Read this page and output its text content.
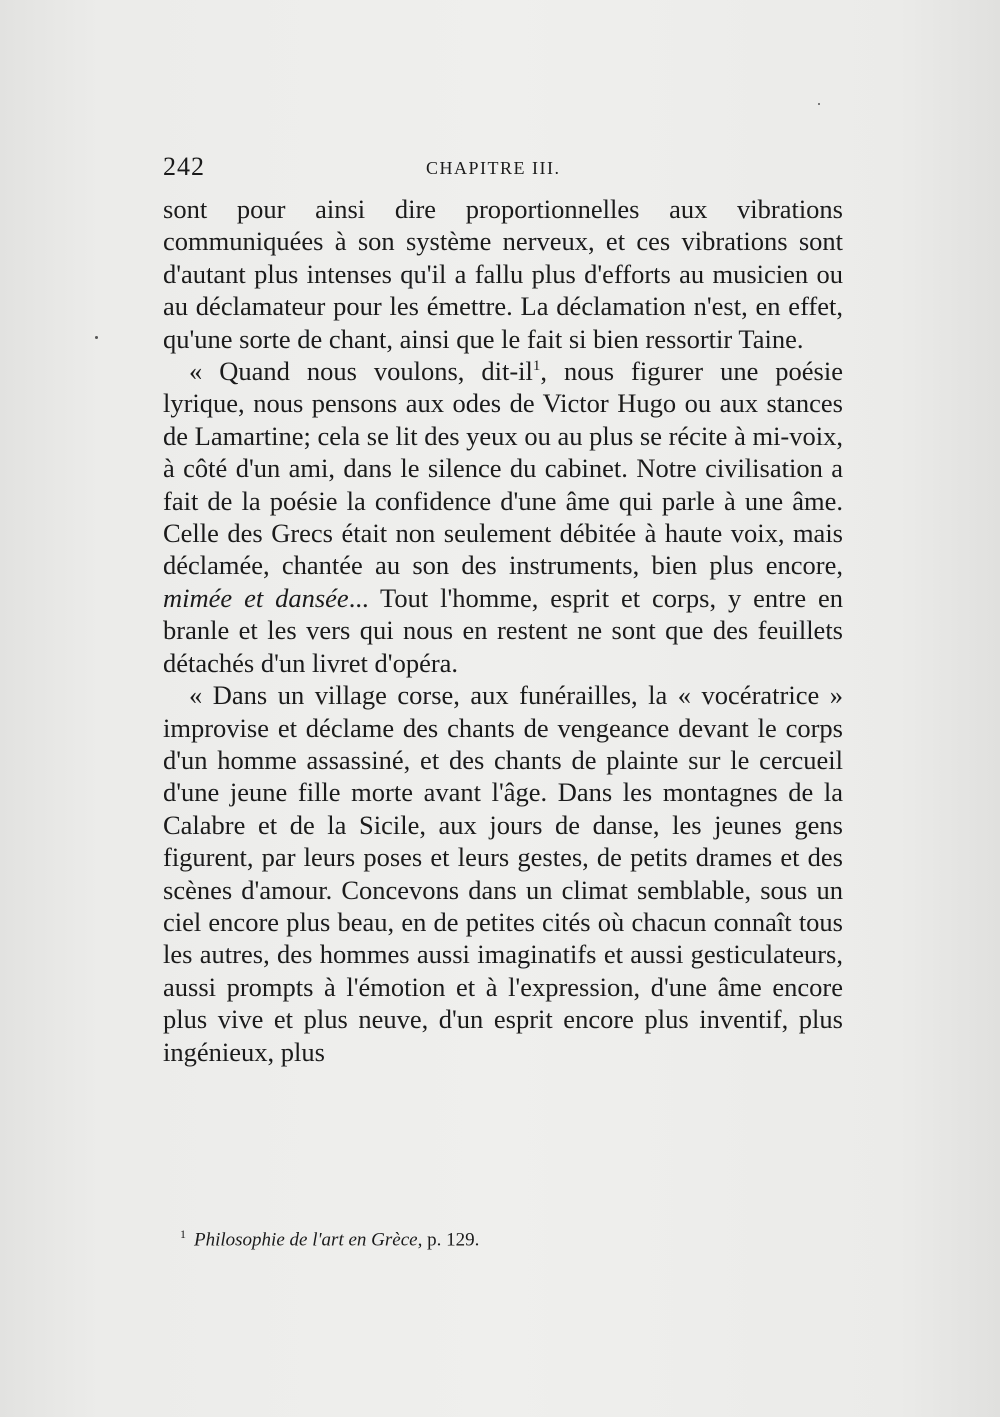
242	CHAPITRE III.

sont pour ainsi dire proportionnelles aux vibrations communiquées à son système nerveux, et ces vibrations sont d'autant plus intenses qu'il a fallu plus d'efforts au musicien ou au déclamateur pour les émettre. La déclamation n'est, en effet, qu'une sorte de chant, ainsi que le fait si bien ressortir Taine.

« Quand nous voulons, dit-il$^1$, nous figurer une poésie lyrique, nous pensons aux odes de Victor Hugo ou aux stances de Lamartine; cela se lit des yeux ou au plus se récite à mi-voix, à côté d'un ami, dans le silence du cabinet. Notre civilisation a fait de la poésie la confidence d'une âme qui parle à une âme. Celle des Grecs était non seulement débitée à haute voix, mais déclamée, chantée au son des instruments, bien plus encore, mimée et dansée... Tout l'homme, esprit et corps, y entre en branle et les vers qui nous en restent ne sont que des feuillets détachés d'un livret d'opéra.

« Dans un village corse, aux funérailles, la « vocératrice » improvise et déclame des chants de vengeance devant le corps d'un homme assassiné, et des chants de plainte sur le cercueil d'une jeune fille morte avant l'âge. Dans les montagnes de la Calabre et de la Sicile, aux jours de danse, les jeunes gens figurent, par leurs poses et leurs gestes, de petits drames et des scènes d'amour. Concevons dans un climat semblable, sous un ciel encore plus beau, en de petites cités où chacun connaît tous les autres, des hommes aussi imaginatifs et aussi gesticulateurs, aussi prompts à l'émotion et à l'expression, d'une âme encore plus vive et plus neuve, d'un esprit encore plus inventif, plus ingénieux, plus

$^1$ Philosophie de l'art en Grèce, p. 129.
